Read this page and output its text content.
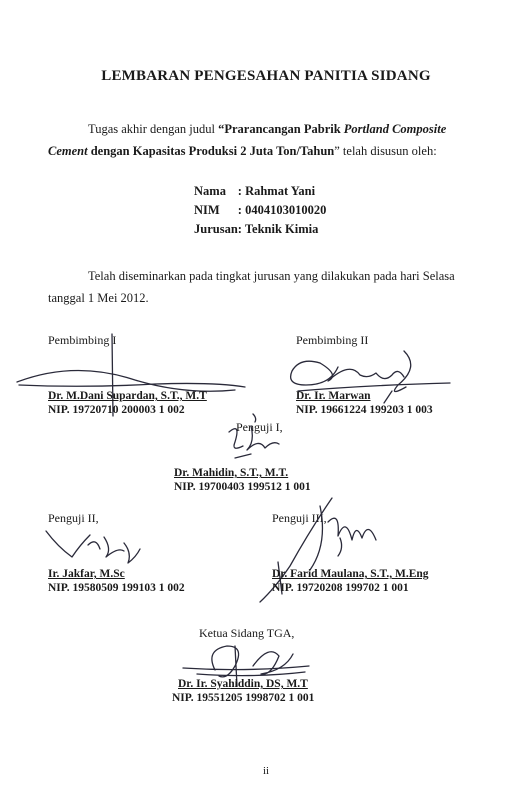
LEMBARAN PENGESAHAN PANITIA SIDANG
Tugas akhir dengan judul “Prarancangan Pabrik Portland Composite
Cement dengan Kapasitas Produksi 2 Juta Ton/Tahun” telah disusun oleh:
Nama	: Rahmat Yani
NIM	: 0404103010020
Jurusan	: Teknik Kimia
Telah diseminarkan pada tingkat jurusan yang dilakukan pada hari Selasa
tanggal 1 Mei 2012.
Pembimbing I
Dr. M.Dani Supardan, S.T., M.T
NIP. 19720710 200003 1 002
Pembimbing II
Dr. Ir. Marwan
NIP. 19661224 199203 1 003
Penguji I,
Dr. Mahidin, S.T., M.T.
NIP. 19700403 199512 1 001
Penguji II,
Ir. Jakfar, M.Sc
NIP. 19580509 199103 1 002
Penguji III,
Dr. Farid Maulana, S.T., M.Eng
NIP. 19720208 199702 1 001
Ketua Sidang TGA,
Dr. Ir. Syahiddin, DS, M.T
NIP. 19551205 1998702 1 001
ii
